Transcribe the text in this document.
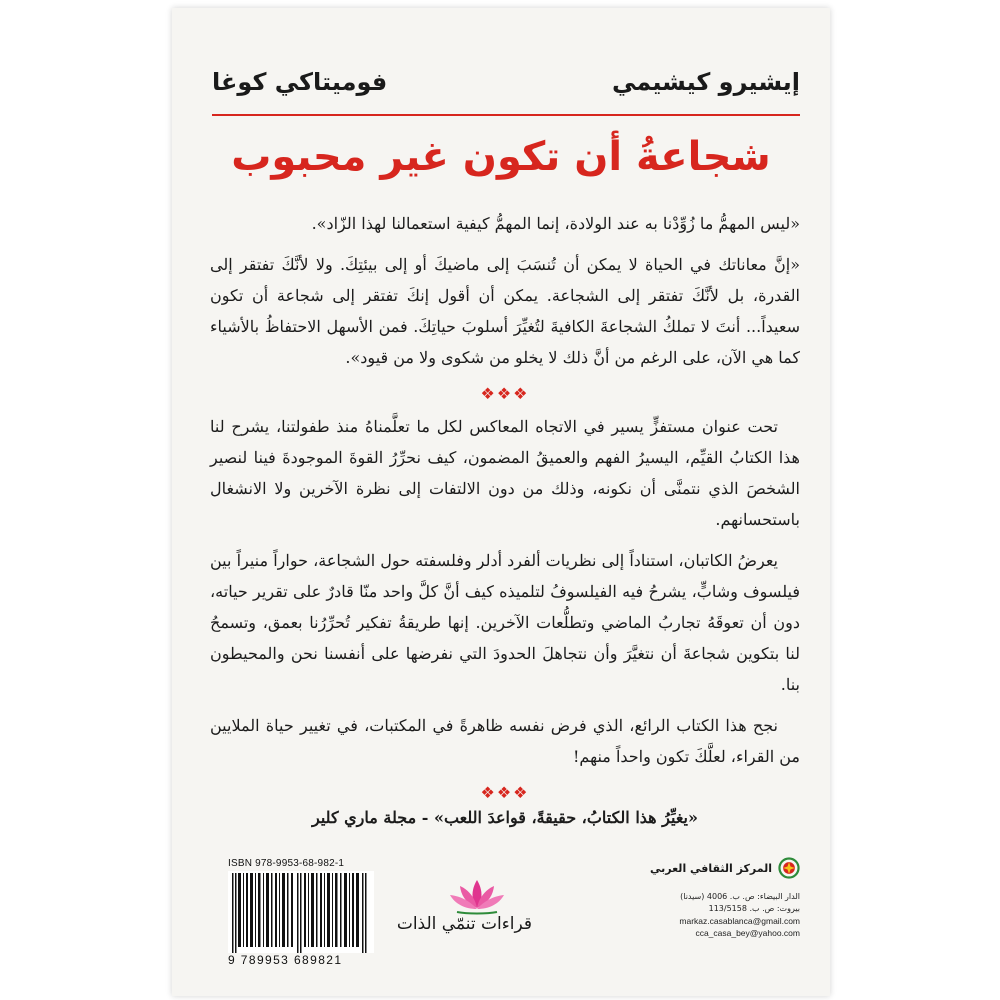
إيشيرو كيشيمي
فوميتاكي كوغا
شجاعةُ أن تكون غير محبوب

«ليس المهمُّ ما زُوِّدْنا به عند الولادة، إنما المهمُّ كيفية استعمالنا لهذا الزّاد».

«إنَّ معاناتك في الحياة لا يمكن أن تُنسَبَ إلى ماضيكَ أو إلى بيئتِكَ. ولا لأنَّكَ تفتقر إلى القدرة، بل لأنَّكَ تفتقر إلى الشجاعة. يمكن أن أقول إنكَ تفتقر إلى شجاعة أن تكون سعيداً... أنتَ لا تملكُ الشجاعةَ الكافيةَ لتُغيِّرَ أسلوبَ حياتِكَ. فمن الأسهل الاحتفاظُ بالأشياء كما هي الآن، على الرغم من أنَّ ذلك لا يخلو من شكوى ولا من قيود».

❖❖❖

تحت عنوان مستفزٍّ يسير في الاتجاه المعاكس لكل ما تعلَّمناهُ منذ طفولتنا، يشرح لنا هذا الكتابُ القيِّم، اليسيرُ الفهم والعميقُ المضمون، كيف نحرِّرُ القوةَ الموجودةَ فينا لنصير الشخصَ الذي نتمنَّى أن نكونه، وذلك من دون الالتفات إلى نظرة الآخرين ولا الانشغال باستحسانهم.

يعرضُ الكاتبان، استناداً إلى نظريات ألفرد أدلر وفلسفته حول الشجاعة، حواراً منيراً بين فيلسوف وشابٍّ، يشرحُ فيه الفيلسوفُ لتلميذه كيف أنَّ كلَّ واحد منّا قادرٌ على تقرير حياته، دون أن تعوقَهُ تجاربُ الماضي وتطلُّعات الآخرين. إنها طريقةُ تفكير تُحرِّرُنا بعمق، وتسمحُ لنا بتكوين شجاعةَ أن نتغيَّرَ وأن نتجاهلَ الحدودَ التي نفرضها على أنفسنا نحن والمحيطون بنا.

نجح هذا الكتاب الرائع، الذي فرض نفسه ظاهرةً في المكتبات، في تغيير حياة الملايين من القراء، لعلَّكَ تكون واحداً منهم!

❖❖❖
«يغيِّرُ هذا الكتابُ، حقيقةً، قواعدَ اللعب» - مجلة ماري كلير
المركز الثقافي العربي
الدار البيضاء: ص. ب. 4006 (سيدنا)
بيروت: ص. ب. 113/5158
markaz.casablanca@gmail.com
cca_casa_bey@yahoo.com
قراءات تنمّي الذات
ISBN 978-9953-68-982-1
9 789953 689821
